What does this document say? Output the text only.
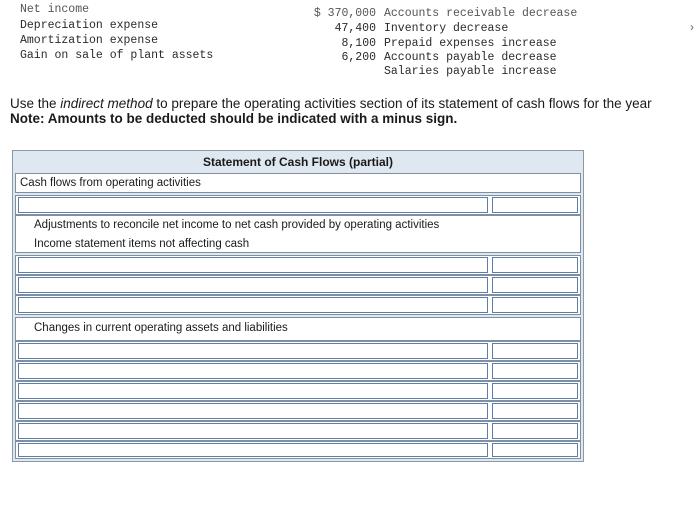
Net income
Depreciation expense
Amortization expense
Gain on sale of plant assets
$ 370,000
47,400
8,100
6,200
Accounts receivable decrease
Inventory decrease
Prepaid expenses increase
Accounts payable decrease
Salaries payable increase
Use the indirect method to prepare the operating activities section of its statement of cash flows for the year
Note: Amounts to be deducted should be indicated with a minus sign.
Statement of Cash Flows (partial)
Cash flows from operating activities
Adjustments to reconcile net income to net cash provided by operating activities
Income statement items not affecting cash
Changes in current operating assets and liabilities
›
